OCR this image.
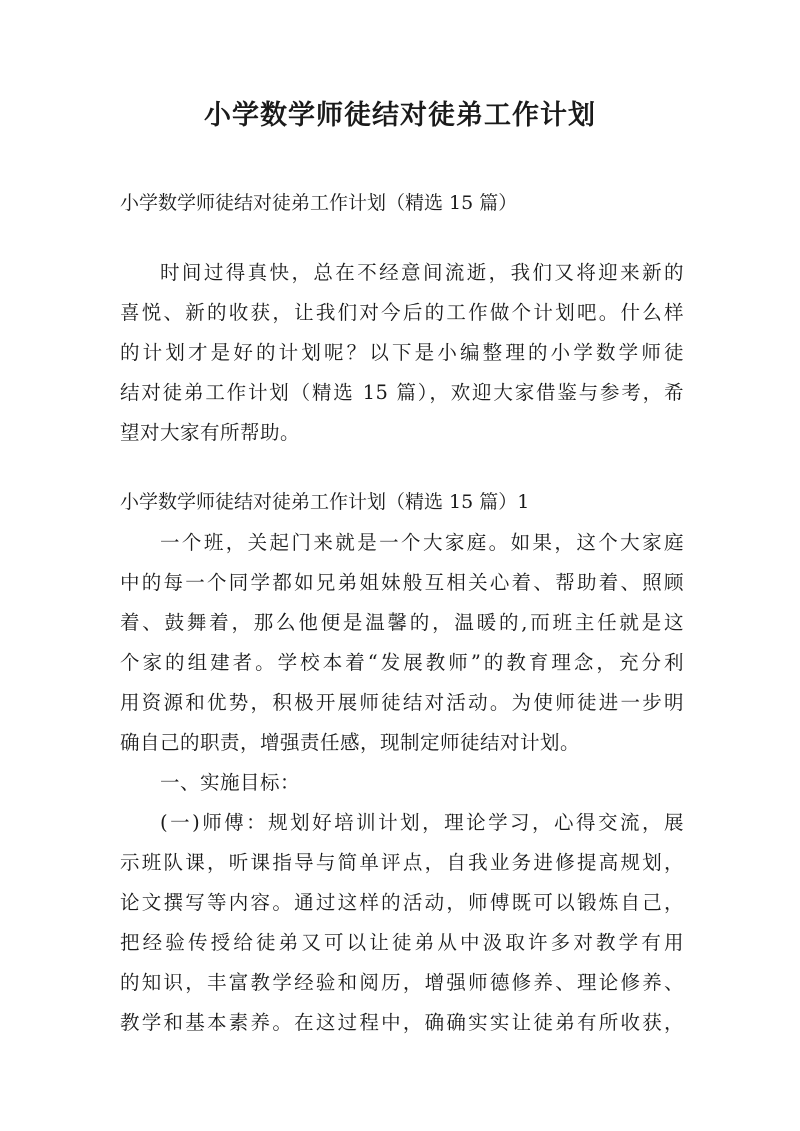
小学数学师徒结对徒弟工作计划
小学数学师徒结对徒弟工作计划（精选 15 篇）
时间过得真快，总在不经意间流逝，我们又将迎来新的
喜悦、新的收获，让我们对今后的工作做个计划吧。什么样
的计划才是好的计划呢？以下是小编整理的小学数学师徒
结对徒弟工作计划（精选 15 篇），欢迎大家借鉴与参考，希
望对大家有所帮助。
小学数学师徒结对徒弟工作计划（精选 15 篇）1
一个班，关起门来就是一个大家庭。如果，这个大家庭
中的每一个同学都如兄弟姐妹般互相关心着、帮助着、照顾
着、鼓舞着，那么他便是温馨的，温暖的,而班主任就是这
个家的组建者。学校本着“发展教师”的教育理念，充分利
用资源和优势，积极开展师徒结对活动。为使师徒进一步明
确自己的职责，增强责任感，现制定师徒结对计划。
一、实施目标：
(一)师傅：规划好培训计划，理论学习，心得交流，展
示班队课，听课指导与简单评点，自我业务进修提高规划，
论文撰写等内容。通过这样的活动，师傅既可以锻炼自己，
把经验传授给徒弟又可以让徒弟从中汲取许多对教学有用
的知识，丰富教学经验和阅历，增强师德修养、理论修养、
教学和基本素养。在这过程中，确确实实让徒弟有所收获，
